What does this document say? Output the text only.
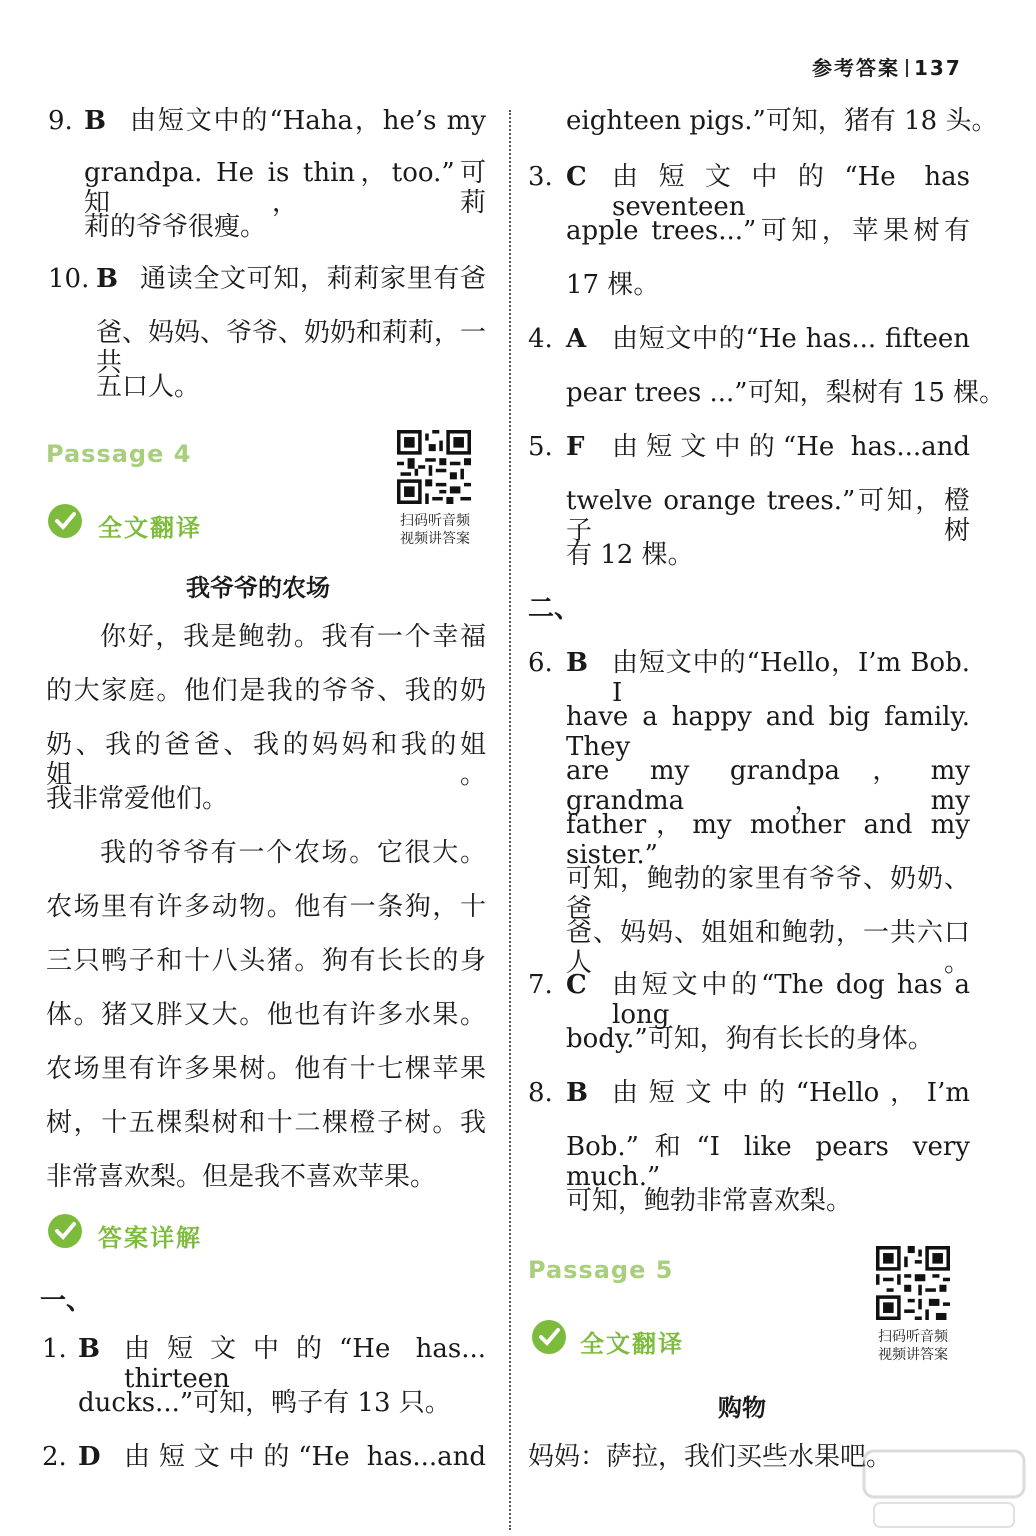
参考答案 137
9. B 由短文中的“Haha，he’s my
grandpa. He is thin，too.”可知，莉
莉的爷爷很瘦。
10. B 通读全文可知，莉莉家里有爸
爸、妈妈、爷爷、奶奶和莉莉，一共
五口人。
Passage 4
全文翻译	扫码听音频
视频讲答案
我爷爷的农场
你好，我是鲍勃。我有一个幸福
的大家庭。他们是我的爷爷、我的奶
奶、我的爸爸、我的妈妈和我的姐姐。
我非常爱他们。
我的爷爷有一个农场。它很大。
农场里有许多动物。他有一条狗，十
三只鸭子和十八头猪。狗有长长的身
体。猪又胖又大。他也有许多水果。
农场里有许多果树。他有十七棵苹果
树，十五棵梨树和十二棵橙子树。我
非常喜欢梨。但是我不喜欢苹果。
答案详解
一、
1. B 由短文中的“He has... thirteen
ducks...”可知，鸭子有 13 只。
2. D 由短文中的“He has...and
eighteen pigs.”可知，猪有 18 头。
3. C 由短文中的“He has seventeen
apple trees...”可知，苹果树有
17 棵。
4. A 由短文中的“He has... fifteen
pear trees ...”可知，梨树有 15 棵。
5. F 由短文中的“He has...and
twelve orange trees.”可知，橙子树
有 12 棵。
二、
6. B 由短文中的“Hello，I’m Bob. I
have a happy and big family. They
are my grandpa，my grandma，my
father，my mother and my sister.”
可知，鲍勃的家里有爷爷、奶奶、爸
爸、妈妈、姐姐和鲍勃，一共六口人。
7. C 由短文中的“The dog has a long
body.”可知，狗有长长的身体。
8. B 由短文中的“Hello，I’m
Bob.”和“I like pears very much.”
可知，鲍勃非常喜欢梨。
Passage 5
全文翻译	扫码听音频
视频讲答案
购物
妈妈：萨拉，我们买些水果吧。
